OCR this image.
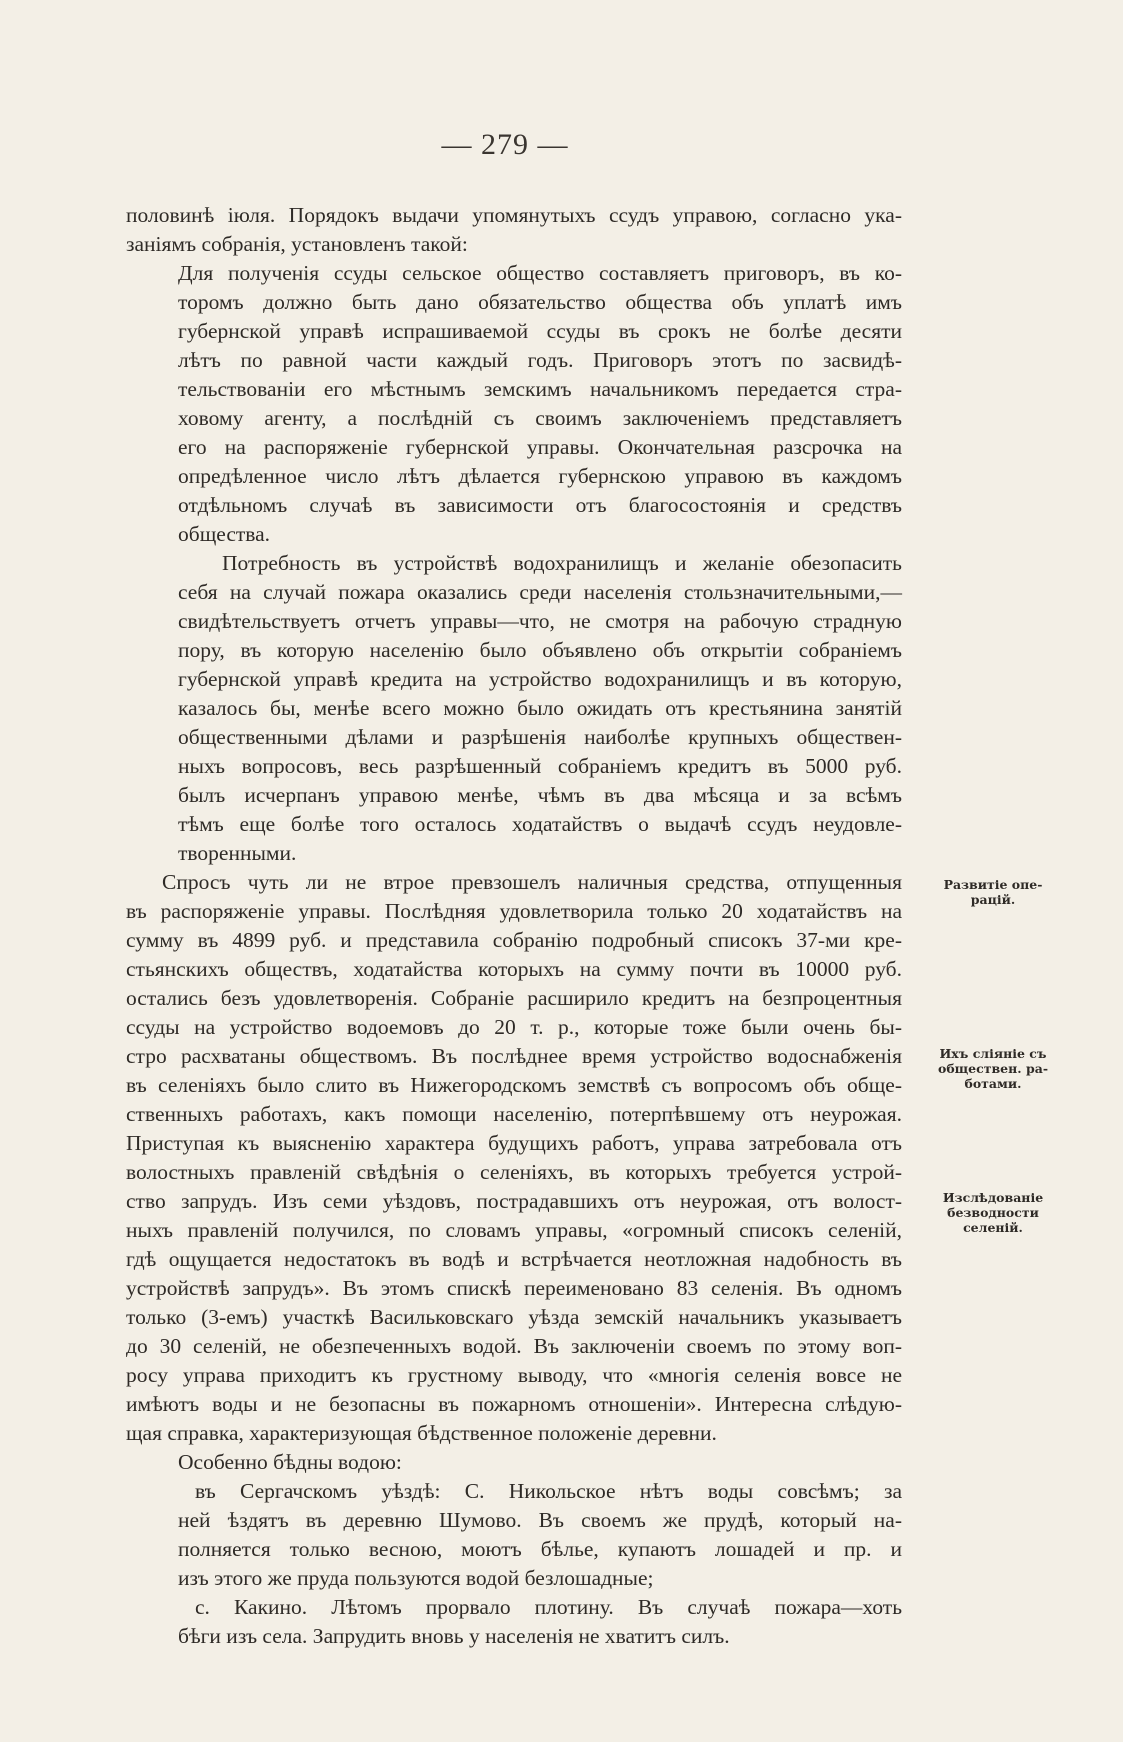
— 279 —
половинѣ іюля. Порядокъ выдачи упомянутыхъ ссудъ управою, согласно ука-
заніямъ собранія, установленъ такой:
Для полученія ссуды сельское общество составляетъ приговоръ, въ ко-
торомъ должно быть дано обязательство общества объ уплатѣ имъ
губернской управѣ испрашиваемой ссуды въ срокъ не болѣе десяти
лѣтъ по равной части каждый годъ. Приговоръ этотъ по засвидѣ-
тельствованіи его мѣстнымъ земскимъ начальникомъ передается стра-
ховому агенту, а послѣдній съ своимъ заключеніемъ представляетъ
его на распоряженіе губернской управы. Окончательная разсрочка на
опредѣленное число лѣтъ дѣлается губернскою управою въ каждомъ
отдѣльномъ случаѣ въ зависимости отъ благосостоянія и средствъ
общества.
Потребность въ устройствѣ водохранилищъ и желаніе обезопасить
себя на случай пожара оказались среди населенія стользначительными,—
свидѣтельствуетъ отчетъ управы—что, не смотря на рабочую страдную
пору, въ которую населенію было объявлено объ открытіи собраніемъ
губернской управѣ кредита на устройство водохранилищъ и въ которую,
казалось бы, менѣе всего можно было ожидать отъ крестьянина занятій
общественными дѣлами и разрѣшенія наиболѣе крупныхъ обществен-
ныхъ вопросовъ, весь разрѣшенный собраніемъ кредитъ въ 5000 руб.
былъ исчерпанъ управою менѣе, чѣмъ въ два мѣсяца и за всѣмъ
тѣмъ еще болѣе того осталось ходатайствъ о выдачѣ ссудъ неудовле-
творенными.
Спросъ чуть ли не втрое превзошелъ наличныя средства, отпущенныя
въ распоряженіе управы. Послѣдняя удовлетворила только 20 ходатайствъ на
сумму въ 4899 руб. и представила собранію подробный списокъ 37-ми кре-
стьянскихъ обществъ, ходатайства которыхъ на сумму почти въ 10000 руб.
остались безъ удовлетворенія. Собраніе расширило кредитъ на безпроцентныя
ссуды на устройство водоемовъ до 20 т. р., которые тоже были очень бы-
стро расхватаны обществомъ. Въ послѣднее время устройство водоснабженія
въ селеніяхъ было слито въ Нижегородскомъ земствѣ съ вопросомъ объ обще-
ственныхъ работахъ, какъ помощи населенію, потерпѣвшему отъ неурожая.
Приступая къ выясненію характера будущихъ работъ, управа затребовала отъ
волостныхъ правленій свѣдѣнія о селеніяхъ, въ которыхъ требуется устрой-
ство запрудъ. Изъ семи уѣздовъ, пострадавшихъ отъ неурожая, отъ волост-
ныхъ правленій получился, по словамъ управы, «огромный списокъ селеній,
гдѣ ощущается недостатокъ въ водѣ и встрѣчается неотложная надобность въ
устройствѣ запрудъ». Въ этомъ спискѣ переименовано 83 селенія. Въ одномъ
только (3-емъ) участкѣ Васильковскаго уѣзда земскій начальникъ указываетъ
до 30 селеній, не обезпеченныхъ водой. Въ заключеніи своемъ по этому воп-
росу управа приходитъ къ грустному выводу, что «многія селенія вовсе не
имѣютъ воды и не безопасны въ пожарномъ отношеніи». Интересна слѣдую-
щая справка, характеризующая бѣдственное положеніе деревни.
Особенно бѣдны водою:
въ Сергачскомъ уѣздѣ: С. Никольское нѣтъ воды совсѣмъ; за
ней ѣздятъ въ деревню Шумово. Въ своемъ же прудѣ, который на-
полняется только весною, моютъ бѣлье, купаютъ лошадей и пр. и
изъ этого же пруда пользуются водой безлошадные;
с. Какино. Лѣтомъ прорвало плотину. Въ случаѣ пожара—хоть
бѣги изъ села. Запрудить вновь у населенія не хватитъ силъ.
Развитіе опе-
рацій.
Ихъ сліяніе съ
обществен. ра-
ботами.
Изслѣдованіе
безводности
селеній.
